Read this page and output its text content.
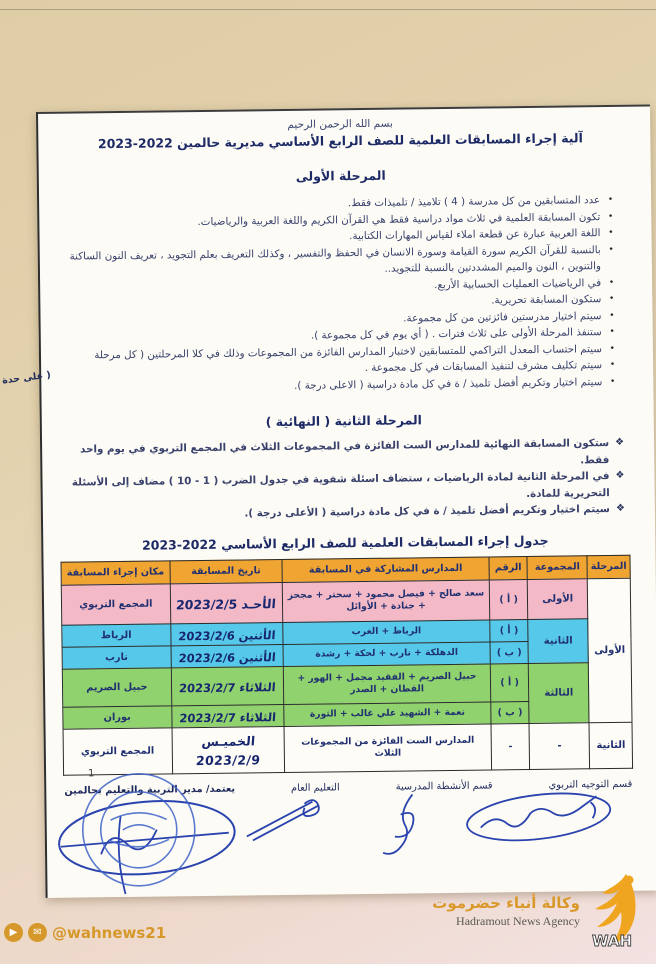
بسم الله الرحمن الرحيم
آلية إجراء المسابقات العلمية للصف الرابع الأساسي مديرية حالمين 2022-2023
المرحلة الأولى
•
عدد المتسابقين من كل مدرسة ( 4 ) تلاميذ / تلميذات فقط.
•
تكون المسابقة العلمية في ثلاث مواد دراسية فقط هي القرآن الكريم واللغة العربية والرياضيات.
•
اللغة العربية عبارة عن قطعة املاء لقياس المهارات الكتابية.
•
بالنسبة للقرآن الكريم سورة القيامة وسورة الانسان في الحفظ والتفسير ، وكذلك التعريف بعلم التجويد ، تعريف النون الساكنة والتنوين ، النون والميم المشددتين بالنسبة للتجويد..
•
في الرياضيات العمليات الحسابية الأربع.
•
ستكون المسابقة تحريرية.
•
سيتم اختيار مدرستين فائزتين من كل مجموعة.
•
ستنفذ المرحلة الأولى على ثلاث فترات . ( أي يوم في كل مجموعة ).
•
سيتم احتساب المعدل التراكمي للمتسابقين لاختبار المدارس الفائزة من المجموعات وذلك في كلا المرحلتين ( كل مرحلة
•
سيتم تكليف مشرف لتنفيذ المسابقات في كل مجموعة .
•
سيتم اختيار وتكريم أفضل تلميذ / ة في كل مادة دراسية ( الاعلى درجة ).
المرحلة الثانية ( النهائية )
❖
ستكون المسابقة النهائية للمدارس الست الفائزة في المجموعات الثلاث في المجمع التربوي في يوم واحد فقط.
❖
في المرحلة الثانية لمادة الرياضيات ، ستضاف اسئلة شفوية في جدول الضرب ( 1 - 10 ) مضاف إلى الأسئلة التحريرية للمادة.
❖
سيتم اختيار وتكريم أفضل تلميذ / ة في كل مادة دراسية ( الأعلى درجة ).
جدول إجراء المسابقات العلمية للصف الرابع الأساسي 2022-2023
المرحلة	المجموعة	الرقم	المدارس المشاركة في المسابقة	تاريخ المسابقة	مكان إجراء المسابقة
الأولى	الأولى	( أ )	سعد صالح + فيصل محمود + سحتر + مجحز + جنادة + الأوائل	الأحـد 2023/2/5	المجمع التربوي
	الثانية	( أ )	الرباط + الغرب	الأثنين 2023/2/6	الرباط
		( ب )	الدهلكة + نارب + لحكة + رشدة	الأثنين 2023/2/6	نارب
	الثالثة	( أ )	حبيل الصريم + الفقيد مجمل + الهور + القطان + الصدر	الثلاثاء 2023/2/7	حبيل الصريم
		( ب )	نعمة + الشهيد علي غالب + الثورة	الثلاثاء 2023/2/7	بوران
الثانية	-	-	المدارس الست الفائزة من المجموعات الثلاث	الخميـس 2023/2/9	المجمع التربوي
قسم التوجيه التربوي
قسم الأنشطة المدرسية
التعليم العام
يعتمد/ مدير التربية والتعليم بحالمين
1
على حدة )
وكالة أنباء حضرموت
Hadramout News Agency
WAH
▶	✉ @wahnews21
